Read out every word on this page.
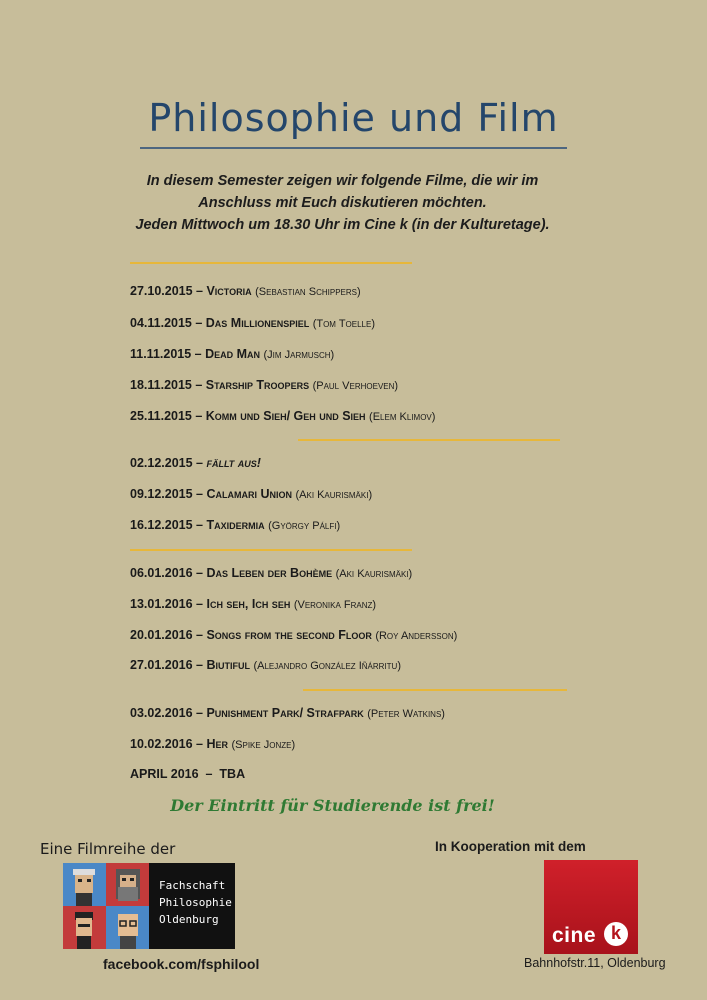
Philosophie und Film
In diesem Semester zeigen wir folgende Filme, die wir im
Anschluss mit Euch diskutieren möchten.
Jeden Mittwoch um 18.30 Uhr im Cine k (in der Kulturetage).
27.10.2015 – Victoria (Sebastian Schippers)
04.11.2015 – Das Millionenspiel (Tom Toelle)
11.11.2015 – Dead Man (Jim Jarmusch)
18.11.2015 – Starship Troopers (Paul Verhoeven)
25.11.2015 – Komm und Sieh/ Geh und Sieh (Elem Klimov)
02.12.2015 – fällt aus!
09.12.2015 – Calamari Union (Aki Kaurismäki)
16.12.2015 – Taxidermia (György Pálfi)
06.01.2016 – Das Leben der Bohème (Aki Kaurismäki)
13.01.2016 – Ich seh, Ich seh (Veronika Franz)
20.01.2016 – Songs from the second Floor (Roy Andersson)
27.01.2016 – Biutiful (Alejandro González Iñárritu)
03.02.2016 – Punishment Park/ Strafpark (Peter Watkins)
10.02.2016 – Her (Spike Jonze)
APRIL 2016  –  TBA
Der Eintritt für Studierende ist frei!
Eine Filmreihe der
Fachschaft
Philosophie
Oldenburg
facebook.com/fsphilool
In Kooperation mit dem
cine k
Bahnhofstr.11, Oldenburg
